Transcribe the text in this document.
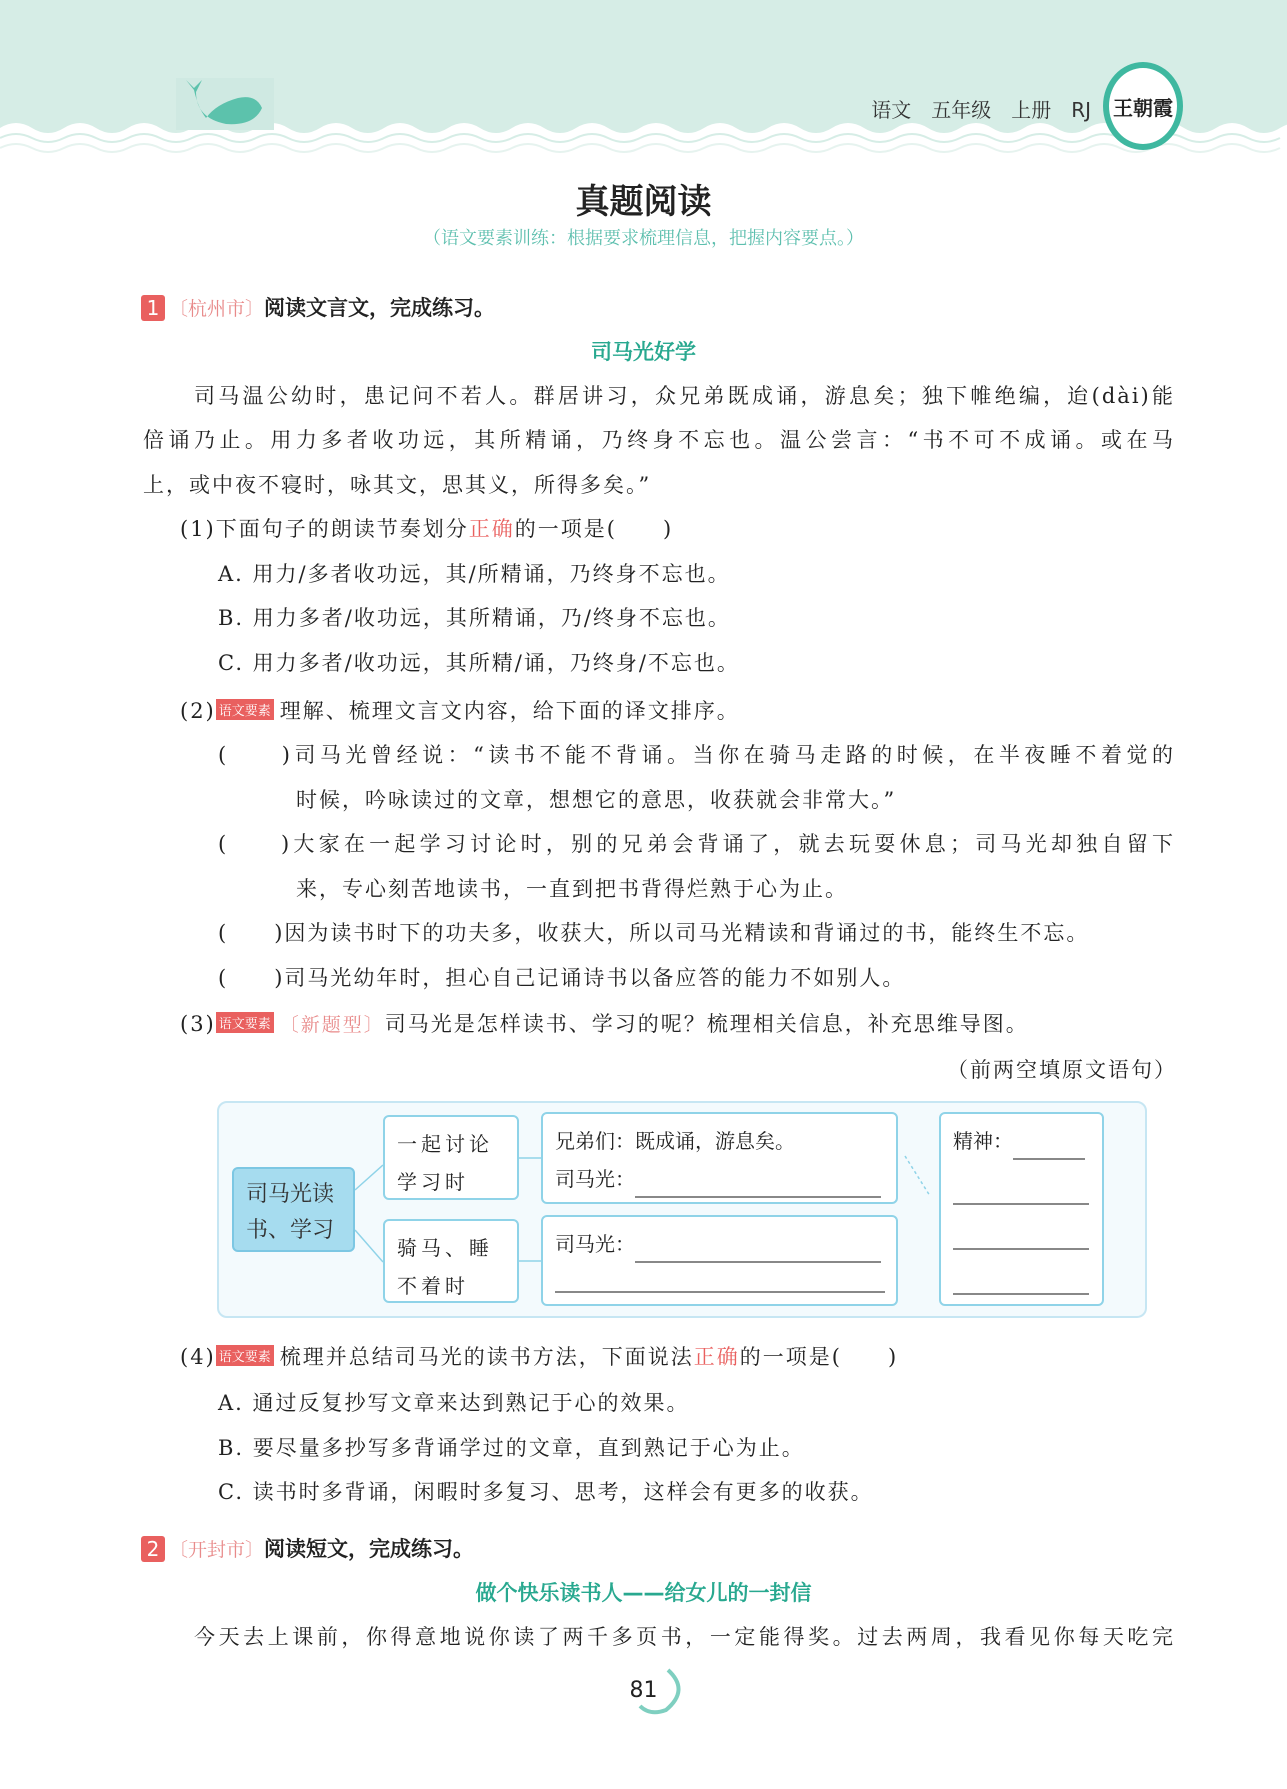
语文 五年级 上册 RJ 王朝霞
真题阅读
（语文要素训练：根据要求梳理信息，把握内容要点。）
1 〔杭州市〕阅读文言文，完成练习。
司马光好学
司马温公幼时，患记问不若人。群居讲习，众兄弟既成诵，游息矣；独下帷绝编，迨(dài)能
倍诵乃止。用力多者收功远，其所精诵，乃终身不忘也。温公尝言：“书不可不成诵。或在马
上，或中夜不寝时，咏其文，思其义，所得多矣。”
(1)下面句子的朗读节奏划分正确的一项是(　　)
A. 用力/多者收功远，其/所精诵，乃终身不忘也。
B. 用力多者/收功远，其所精诵，乃/终身不忘也。
C. 用力多者/收功远，其所精/诵，乃终身/不忘也。
(2) 语文要素 理解、梳理文言文内容，给下面的译文排序。
(　　)司马光曾经说：“读书不能不背诵。当你在骑马走路的时候，在半夜睡不着觉的
时候，吟咏读过的文章，想想它的意思，收获就会非常大。”
(　　)大家在一起学习讨论时，别的兄弟会背诵了，就去玩耍休息；司马光却独自留下
来，专心刻苦地读书，一直到把书背得烂熟于心为止。
(　　)因为读书时下的功夫多，收获大，所以司马光精读和背诵过的书，能终生不忘。
(　　)司马光幼年时，担心自己记诵诗书以备应答的能力不如别人。
(3) 语文要素 〔新题型〕司马光是怎样读书、学习的呢？梳理相关信息，补充思维导图。
（前两空填原文语句）
司马光读书、学习
一起讨论学习时
骑马、睡不着时
兄弟们：既成诵，游息矣。
司马光：
司马光：
精神：
(4) 语文要素 梳理并总结司马光的读书方法，下面说法正确的一项是(　　)
A. 通过反复抄写文章来达到熟记于心的效果。
B. 要尽量多抄写多背诵学过的文章，直到熟记于心为止。
C. 读书时多背诵，闲暇时多复习、思考，这样会有更多的收获。
2 〔开封市〕阅读短文，完成练习。
做个快乐读书人——给女儿的一封信
今天去上课前，你得意地说你读了两千多页书，一定能得奖。过去两周，我看见你每天吃完
81
